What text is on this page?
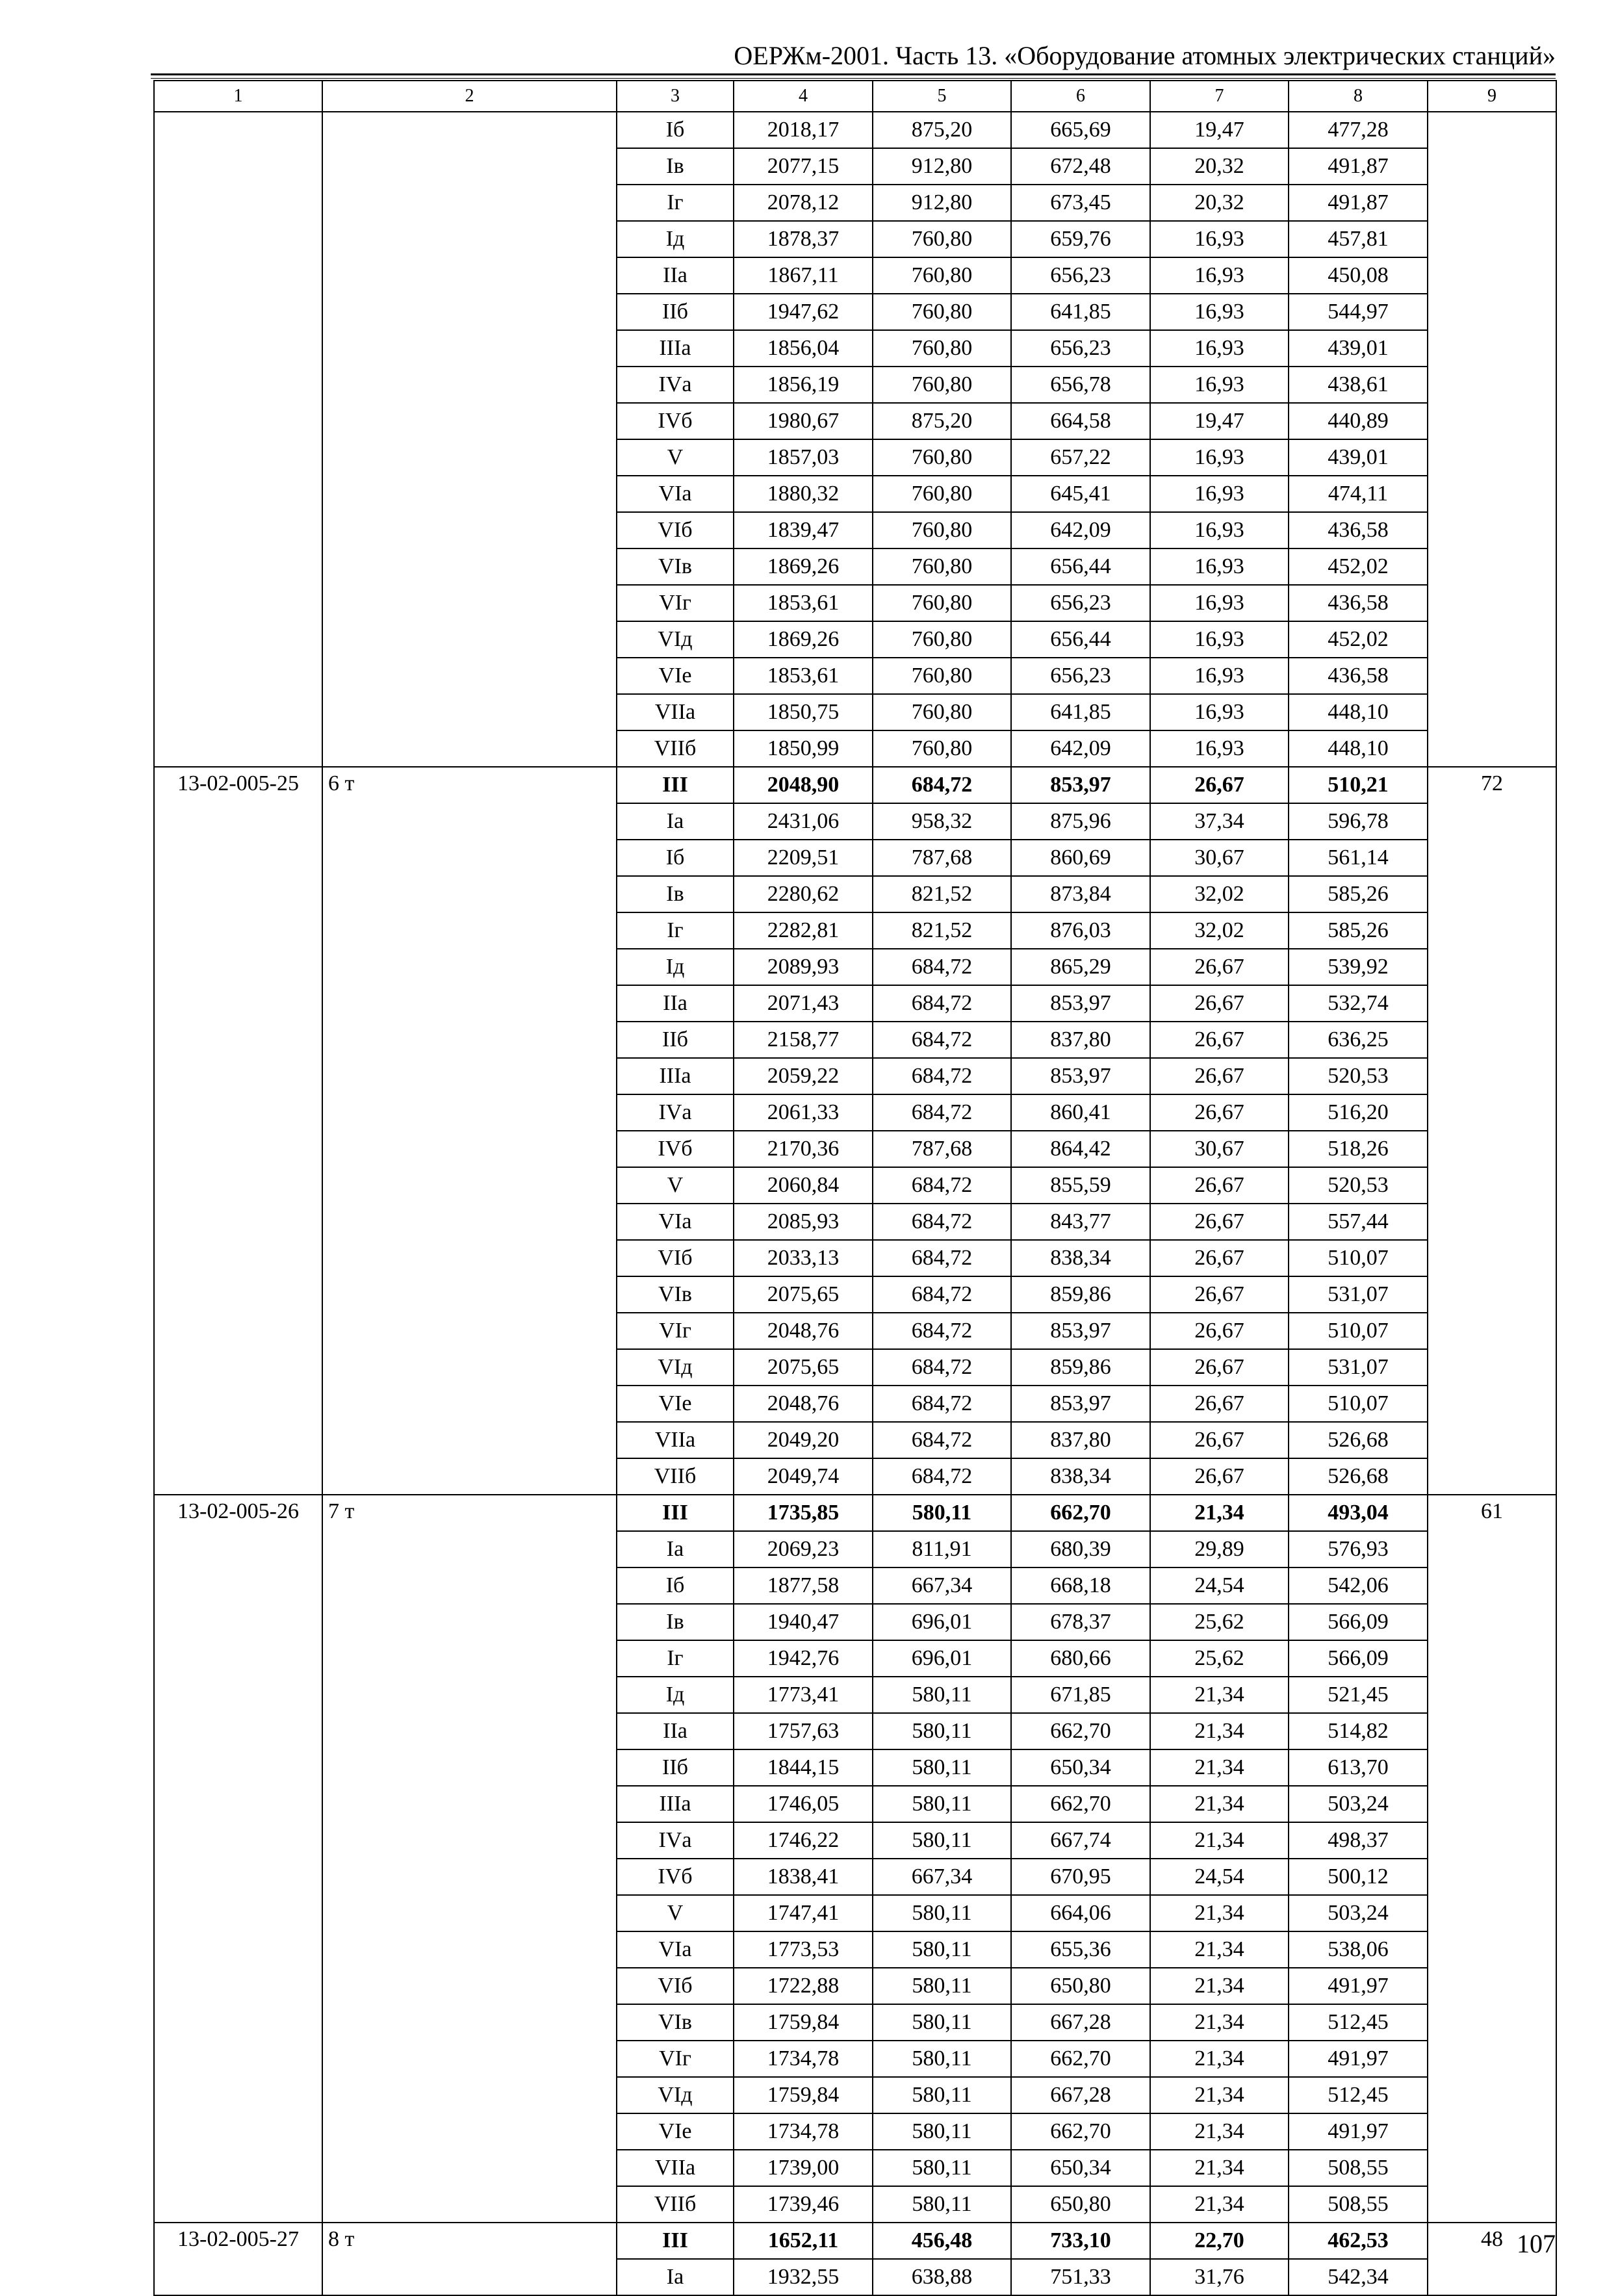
ОЕРЖм-2001. Часть 13. «Оборудование атомных электрических станций»
1	2	3	4	5	6	7	8	9
		Iб	2018,17	875,20	665,69	19,47	477,28	
		Iв	2077,15	912,80	672,48	20,32	491,87	
		Iг	2078,12	912,80	673,45	20,32	491,87	
		Iд	1878,37	760,80	659,76	16,93	457,81	
		IIа	1867,11	760,80	656,23	16,93	450,08	
		IIб	1947,62	760,80	641,85	16,93	544,97	
		IIIа	1856,04	760,80	656,23	16,93	439,01	
		IVа	1856,19	760,80	656,78	16,93	438,61	
		IVб	1980,67	875,20	664,58	19,47	440,89	
		V	1857,03	760,80	657,22	16,93	439,01	
		VIа	1880,32	760,80	645,41	16,93	474,11	
		VIб	1839,47	760,80	642,09	16,93	436,58	
		VIв	1869,26	760,80	656,44	16,93	452,02	
		VIг	1853,61	760,80	656,23	16,93	436,58	
		VIд	1869,26	760,80	656,44	16,93	452,02	
		VIе	1853,61	760,80	656,23	16,93	436,58	
		VIIа	1850,75	760,80	641,85	16,93	448,10	
		VIIб	1850,99	760,80	642,09	16,93	448,10	
13-02-005-25	6 т	III	2048,90	684,72	853,97	26,67	510,21	72
		Iа	2431,06	958,32	875,96	37,34	596,78	
		Iб	2209,51	787,68	860,69	30,67	561,14	
		Iв	2280,62	821,52	873,84	32,02	585,26	
		Iг	2282,81	821,52	876,03	32,02	585,26	
		Iд	2089,93	684,72	865,29	26,67	539,92	
		IIа	2071,43	684,72	853,97	26,67	532,74	
		IIб	2158,77	684,72	837,80	26,67	636,25	
		IIIа	2059,22	684,72	853,97	26,67	520,53	
		IVа	2061,33	684,72	860,41	26,67	516,20	
		IVб	2170,36	787,68	864,42	30,67	518,26	
		V	2060,84	684,72	855,59	26,67	520,53	
		VIа	2085,93	684,72	843,77	26,67	557,44	
		VIб	2033,13	684,72	838,34	26,67	510,07	
		VIв	2075,65	684,72	859,86	26,67	531,07	
		VIг	2048,76	684,72	853,97	26,67	510,07	
		VIд	2075,65	684,72	859,86	26,67	531,07	
		VIе	2048,76	684,72	853,97	26,67	510,07	
		VIIа	2049,20	684,72	837,80	26,67	526,68	
		VIIб	2049,74	684,72	838,34	26,67	526,68	
13-02-005-26	7 т	III	1735,85	580,11	662,70	21,34	493,04	61
		Iа	2069,23	811,91	680,39	29,89	576,93	
		Iб	1877,58	667,34	668,18	24,54	542,06	
		Iв	1940,47	696,01	678,37	25,62	566,09	
		Iг	1942,76	696,01	680,66	25,62	566,09	
		Iд	1773,41	580,11	671,85	21,34	521,45	
		IIа	1757,63	580,11	662,70	21,34	514,82	
		IIб	1844,15	580,11	650,34	21,34	613,70	
		IIIа	1746,05	580,11	662,70	21,34	503,24	
		IVа	1746,22	580,11	667,74	21,34	498,37	
		IVб	1838,41	667,34	670,95	24,54	500,12	
		V	1747,41	580,11	664,06	21,34	503,24	
		VIа	1773,53	580,11	655,36	21,34	538,06	
		VIб	1722,88	580,11	650,80	21,34	491,97	
		VIв	1759,84	580,11	667,28	21,34	512,45	
		VIг	1734,78	580,11	662,70	21,34	491,97	
		VIд	1759,84	580,11	667,28	21,34	512,45	
		VIе	1734,78	580,11	662,70	21,34	491,97	
		VIIа	1739,00	580,11	650,34	21,34	508,55	
		VIIб	1739,46	580,11	650,80	21,34	508,55	
13-02-005-27	8 т	III	1652,11	456,48	733,10	22,70	462,53	48
		Iа	1932,55	638,88	751,33	31,76	542,34	
107
